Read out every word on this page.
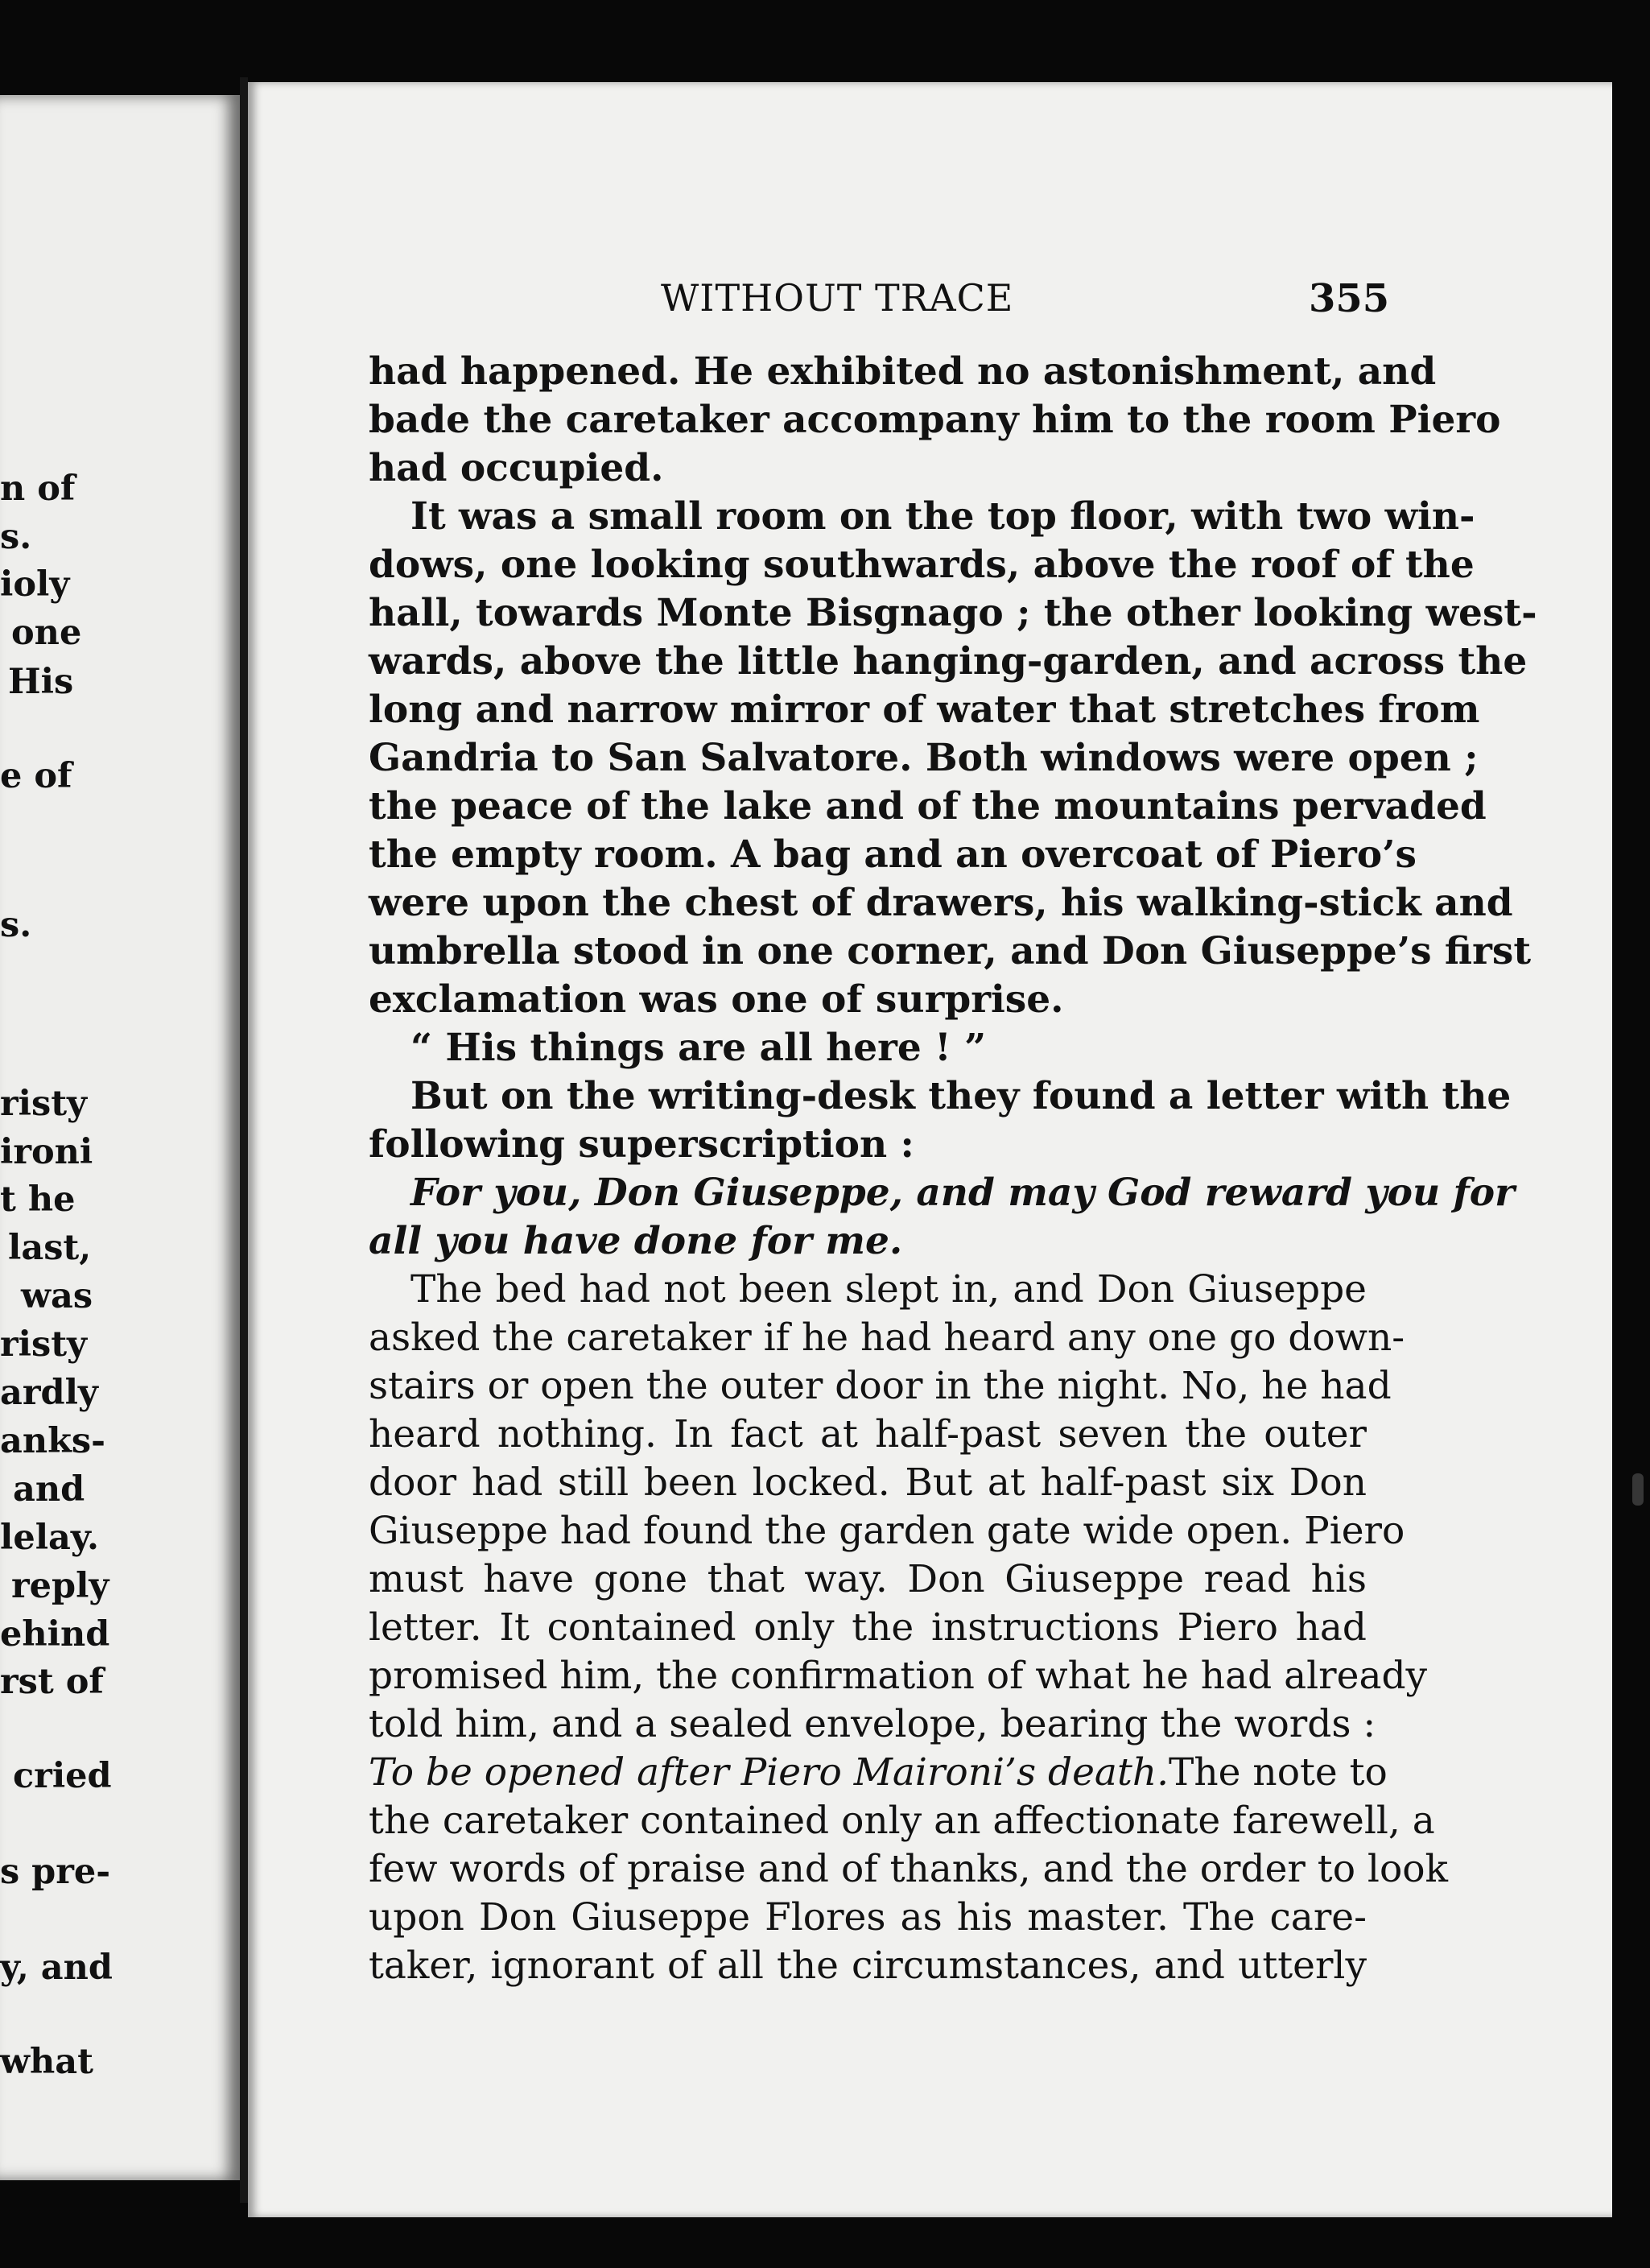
n of
s.
ioly
one
His
e of
s.
risty
ironi
t he
last,
was
risty
ardly
anks-
and
lelay.
reply
ehind
rst of
cried
s pre-
y, and
what
WITHOUT TRACE	355
had happened. He exhibited no astonishment, and
bade the caretaker accompany him to the room Piero
had occupied.
It was a small room on the top floor, with two win-
dows, one looking southwards, above the roof of the
hall, towards Monte Bisgnago ; the other looking west-
wards, above the little hanging-garden, and across the
long and narrow mirror of water that stretches from
Gandria to San Salvatore. Both windows were open ;
the peace of the lake and of the mountains pervaded
the empty room. A bag and an overcoat of Piero’s
were upon the chest of drawers, his walking-stick and
umbrella stood in one corner, and Don Giuseppe’s first
exclamation was one of surprise.
“ His things are all here ! ”
But on the writing-desk they found a letter with the
following superscription :
For you, Don Giuseppe, and may God reward you for
all you have done for me.
The bed had not been slept in, and Don Giuseppe
asked the caretaker if he had heard any one go down-
stairs or open the outer door in the night. No, he had
heard nothing. In fact at half-past seven the outer
door had still been locked. But at half-past six Don
Giuseppe had found the garden gate wide open. Piero
must have gone that way. Don Giuseppe read his
letter. It contained only the instructions Piero had
promised him, the confirmation of what he had already
told him, and a sealed envelope, bearing the words :
To be opened after Piero Maironi’s death. The note to
the caretaker contained only an affectionate farewell, a
few words of praise and of thanks, and the order to look
upon Don Giuseppe Flores as his master. The care-
taker, ignorant of all the circumstances, and utterly
